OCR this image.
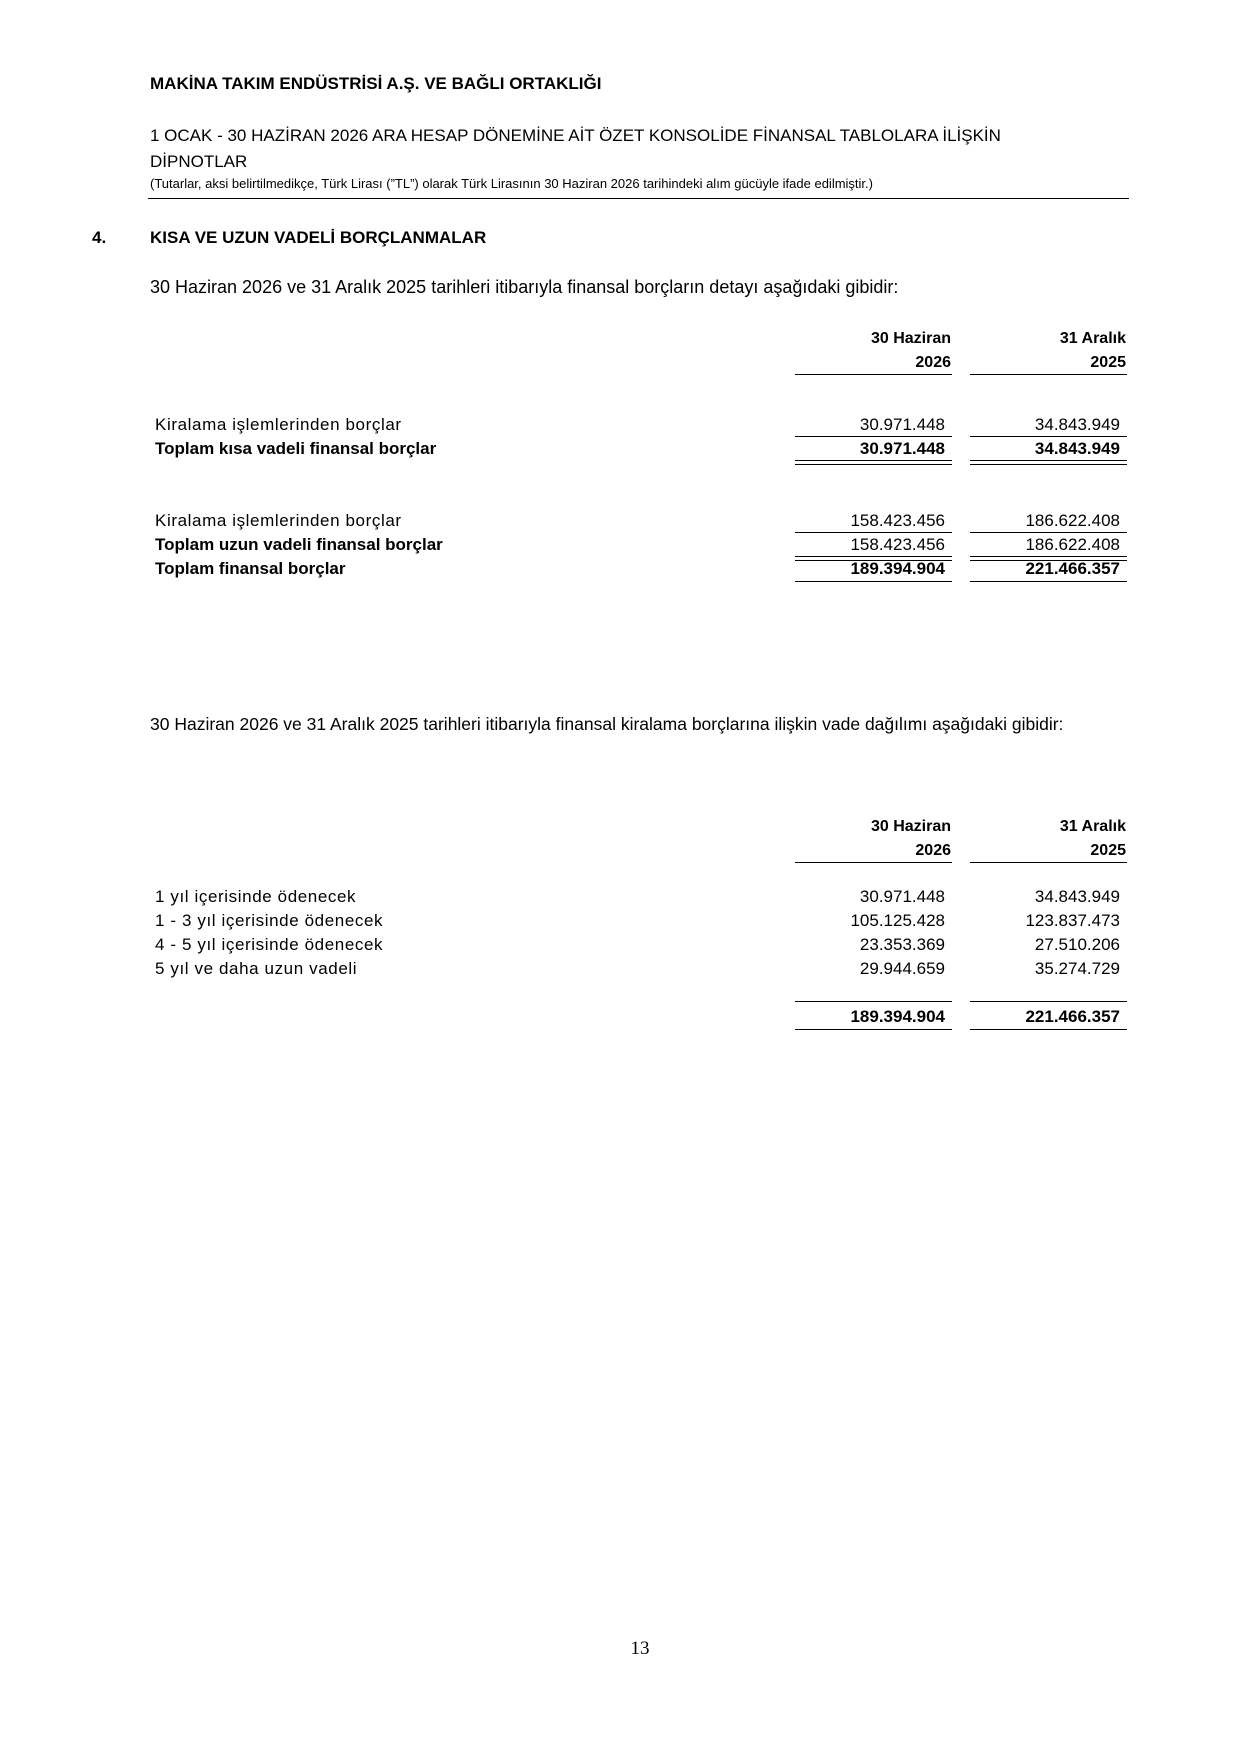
MAKİNA TAKIM ENDÜSTRİSİ A.Ş. VE BAĞLI ORTAKLIĞI
1 OCAK - 30 HAZİRAN 2026 ARA HESAP DÖNEMİNE AİT ÖZET KONSOLİDE FİNANSAL TABLOLARA İLİŞKİN
DİPNOTLAR
(Tutarlar, aksi belirtilmedikçe, Türk Lirası (”TL”) olarak Türk Lirasının 30 Haziran 2026 tarihindeki alım gücüyle ifade edilmiştir.)
4.	KISA VE UZUN VADELİ BORÇLANMALAR
30 Haziran 2026 ve 31 Aralık 2025 tarihleri itibarıyla finansal borçların detayı aşağıdaki gibidir:
30 Haziran
2026
31 Aralık
2025
Kiralama işlemlerinden borçlar	30.971.448	34.843.949
Toplam kısa vadeli finansal borçlar	30.971.448	34.843.949
Kiralama işlemlerinden borçlar	158.423.456	186.622.408
Toplam uzun vadeli finansal borçlar	158.423.456	186.622.408
Toplam finansal borçlar	189.394.904	221.466.357
30 Haziran 2026 ve 31 Aralık 2025 tarihleri itibarıyla finansal kiralama borçlarına ilişkin vade dağılımı aşağıdaki gibidir:
30 Haziran
2026
31 Aralık
2025
1 yıl içerisinde ödenecek	30.971.448	34.843.949
1 - 3 yıl içerisinde ödenecek	105.125.428	123.837.473
4 - 5 yıl içerisinde ödenecek	23.353.369	27.510.206
5 yıl ve daha uzun vadeli	29.944.659	35.274.729
189.394.904	221.466.357
13
